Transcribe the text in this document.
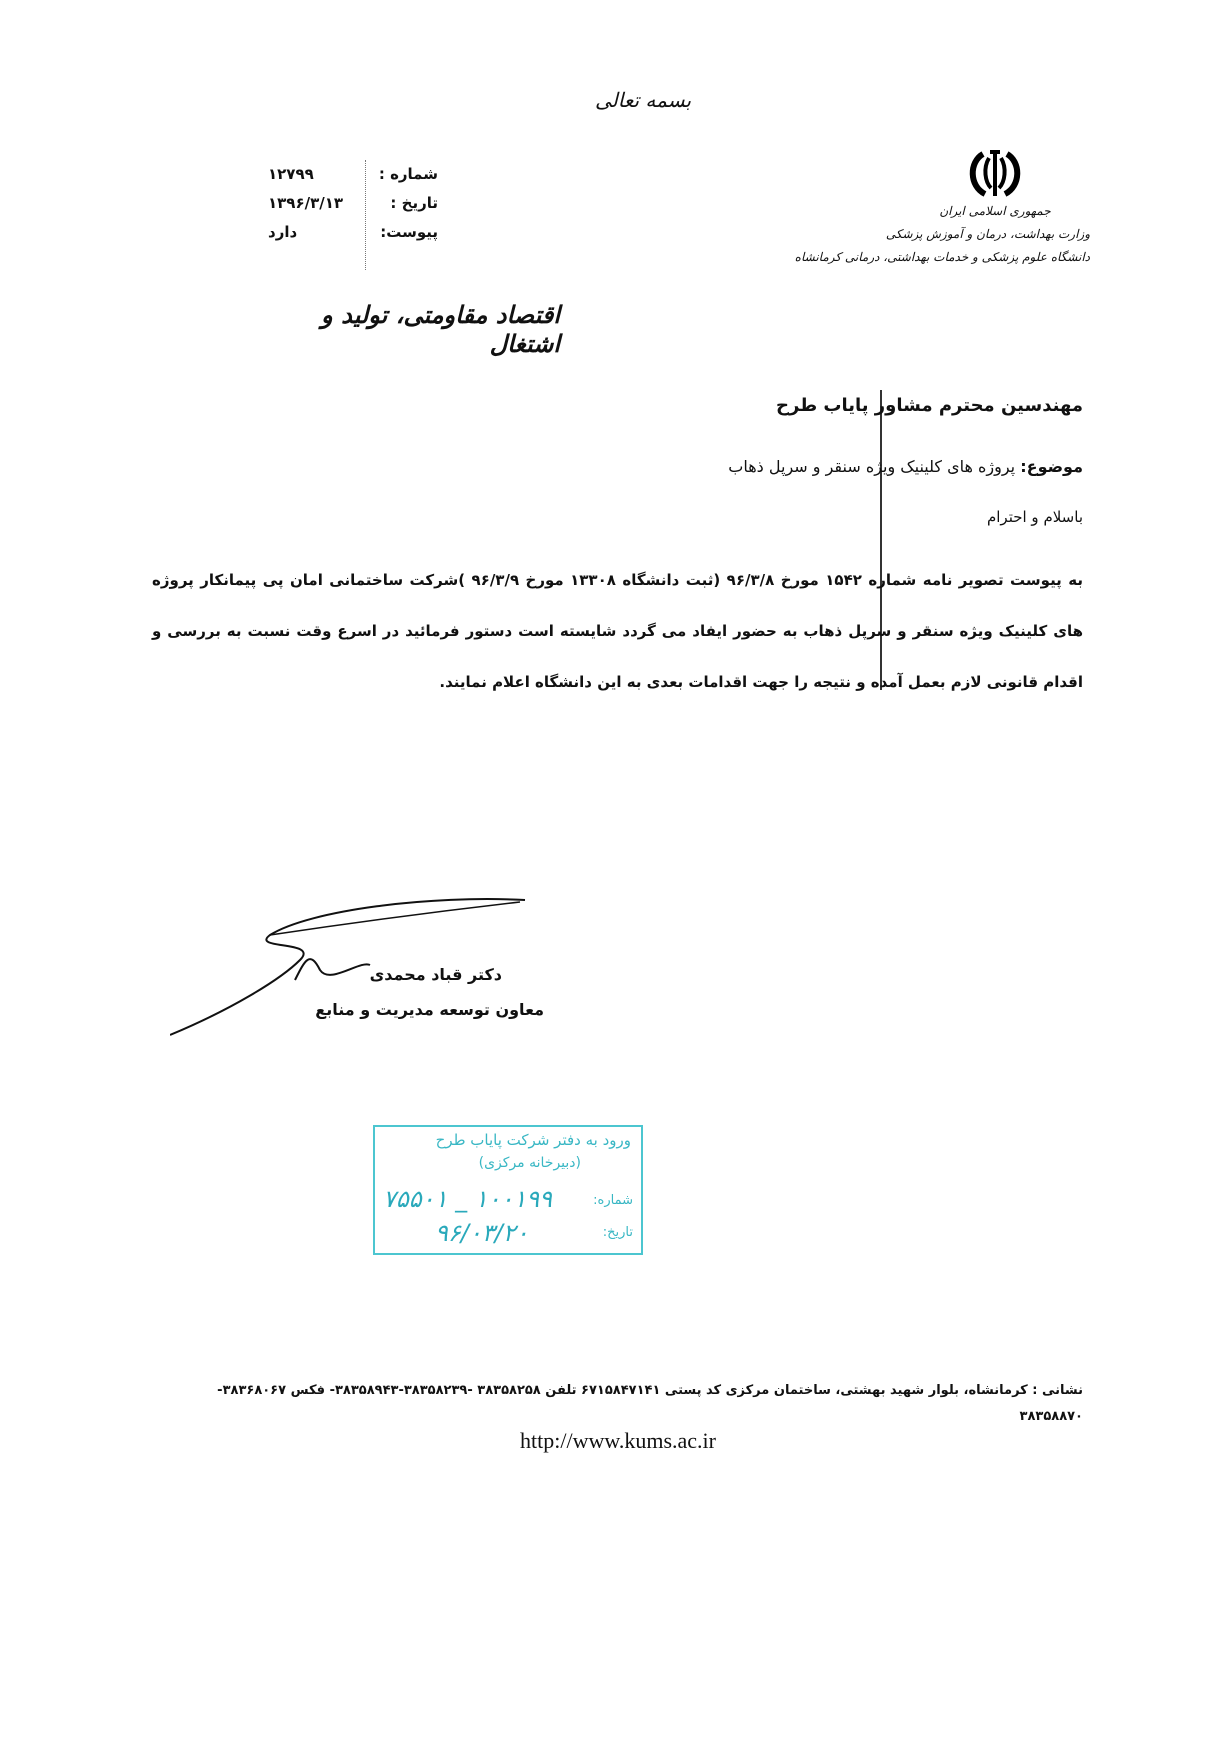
بسمه تعالی
شماره :
۱۲۷۹۹
تاریخ :
۱۳۹۶/۳/۱۳
پیوست:
دارد
جمهوری اسلامی ایران
وزارت بهداشت، درمان و آموزش پزشکی
دانشگاه علوم پزشکی و خدمات بهداشتی، درمانی کرمانشاه
اقتصاد مقاومتی، تولید و اشتغال
مهندسین محترم مشاور پایاب طرح
موضوع: پروژه های کلینیک ویژه سنقر و سرپل ذهاب
باسلام و احترام
به پیوست تصویر نامه شماره ۱۵۴۲ مورخ ۹۶/۳/۸ (ثبت دانشگاه ۱۳۳۰۸ مورخ ۹۶/۳/۹ )شرکت ساختمانی امان پی پیمانکار پروژه های کلینیک ویژه سنقر و سرپل ذهاب به حضور ایفاد می گردد شایسته است دستور فرمائید در اسرع وقت نسبت به بررسی و اقدام قانونی لازم بعمل آمده و نتیجه را جهت اقدامات بعدی به این دانشگاه اعلام نمایند.
دکتر قباد محمدی
معاون توسعه مدیریت و منابع
ورود به دفتر شرکت پایاب طرح
(دبیرخانه مرکزی)
شماره:
۱۰۰۱۹۹ _ ۷۵۵۰۱
تاریخ:
۹۶/۰۳/۲۰
نشانی : کرمانشاه، بلوار شهید بهشتی، ساختمان مرکزی کد پستی ۶۷۱۵۸۴۷۱۴۱ تلفن ۳۸۳۵۸۲۵۸ -۳۸۳۵۸۲۳۹-۳۸۳۵۸۹۴۳- فکس ۳۸۳۶۸۰۶۷- ۳۸۳۵۸۸۷۰
http://www.kums.ac.ir
